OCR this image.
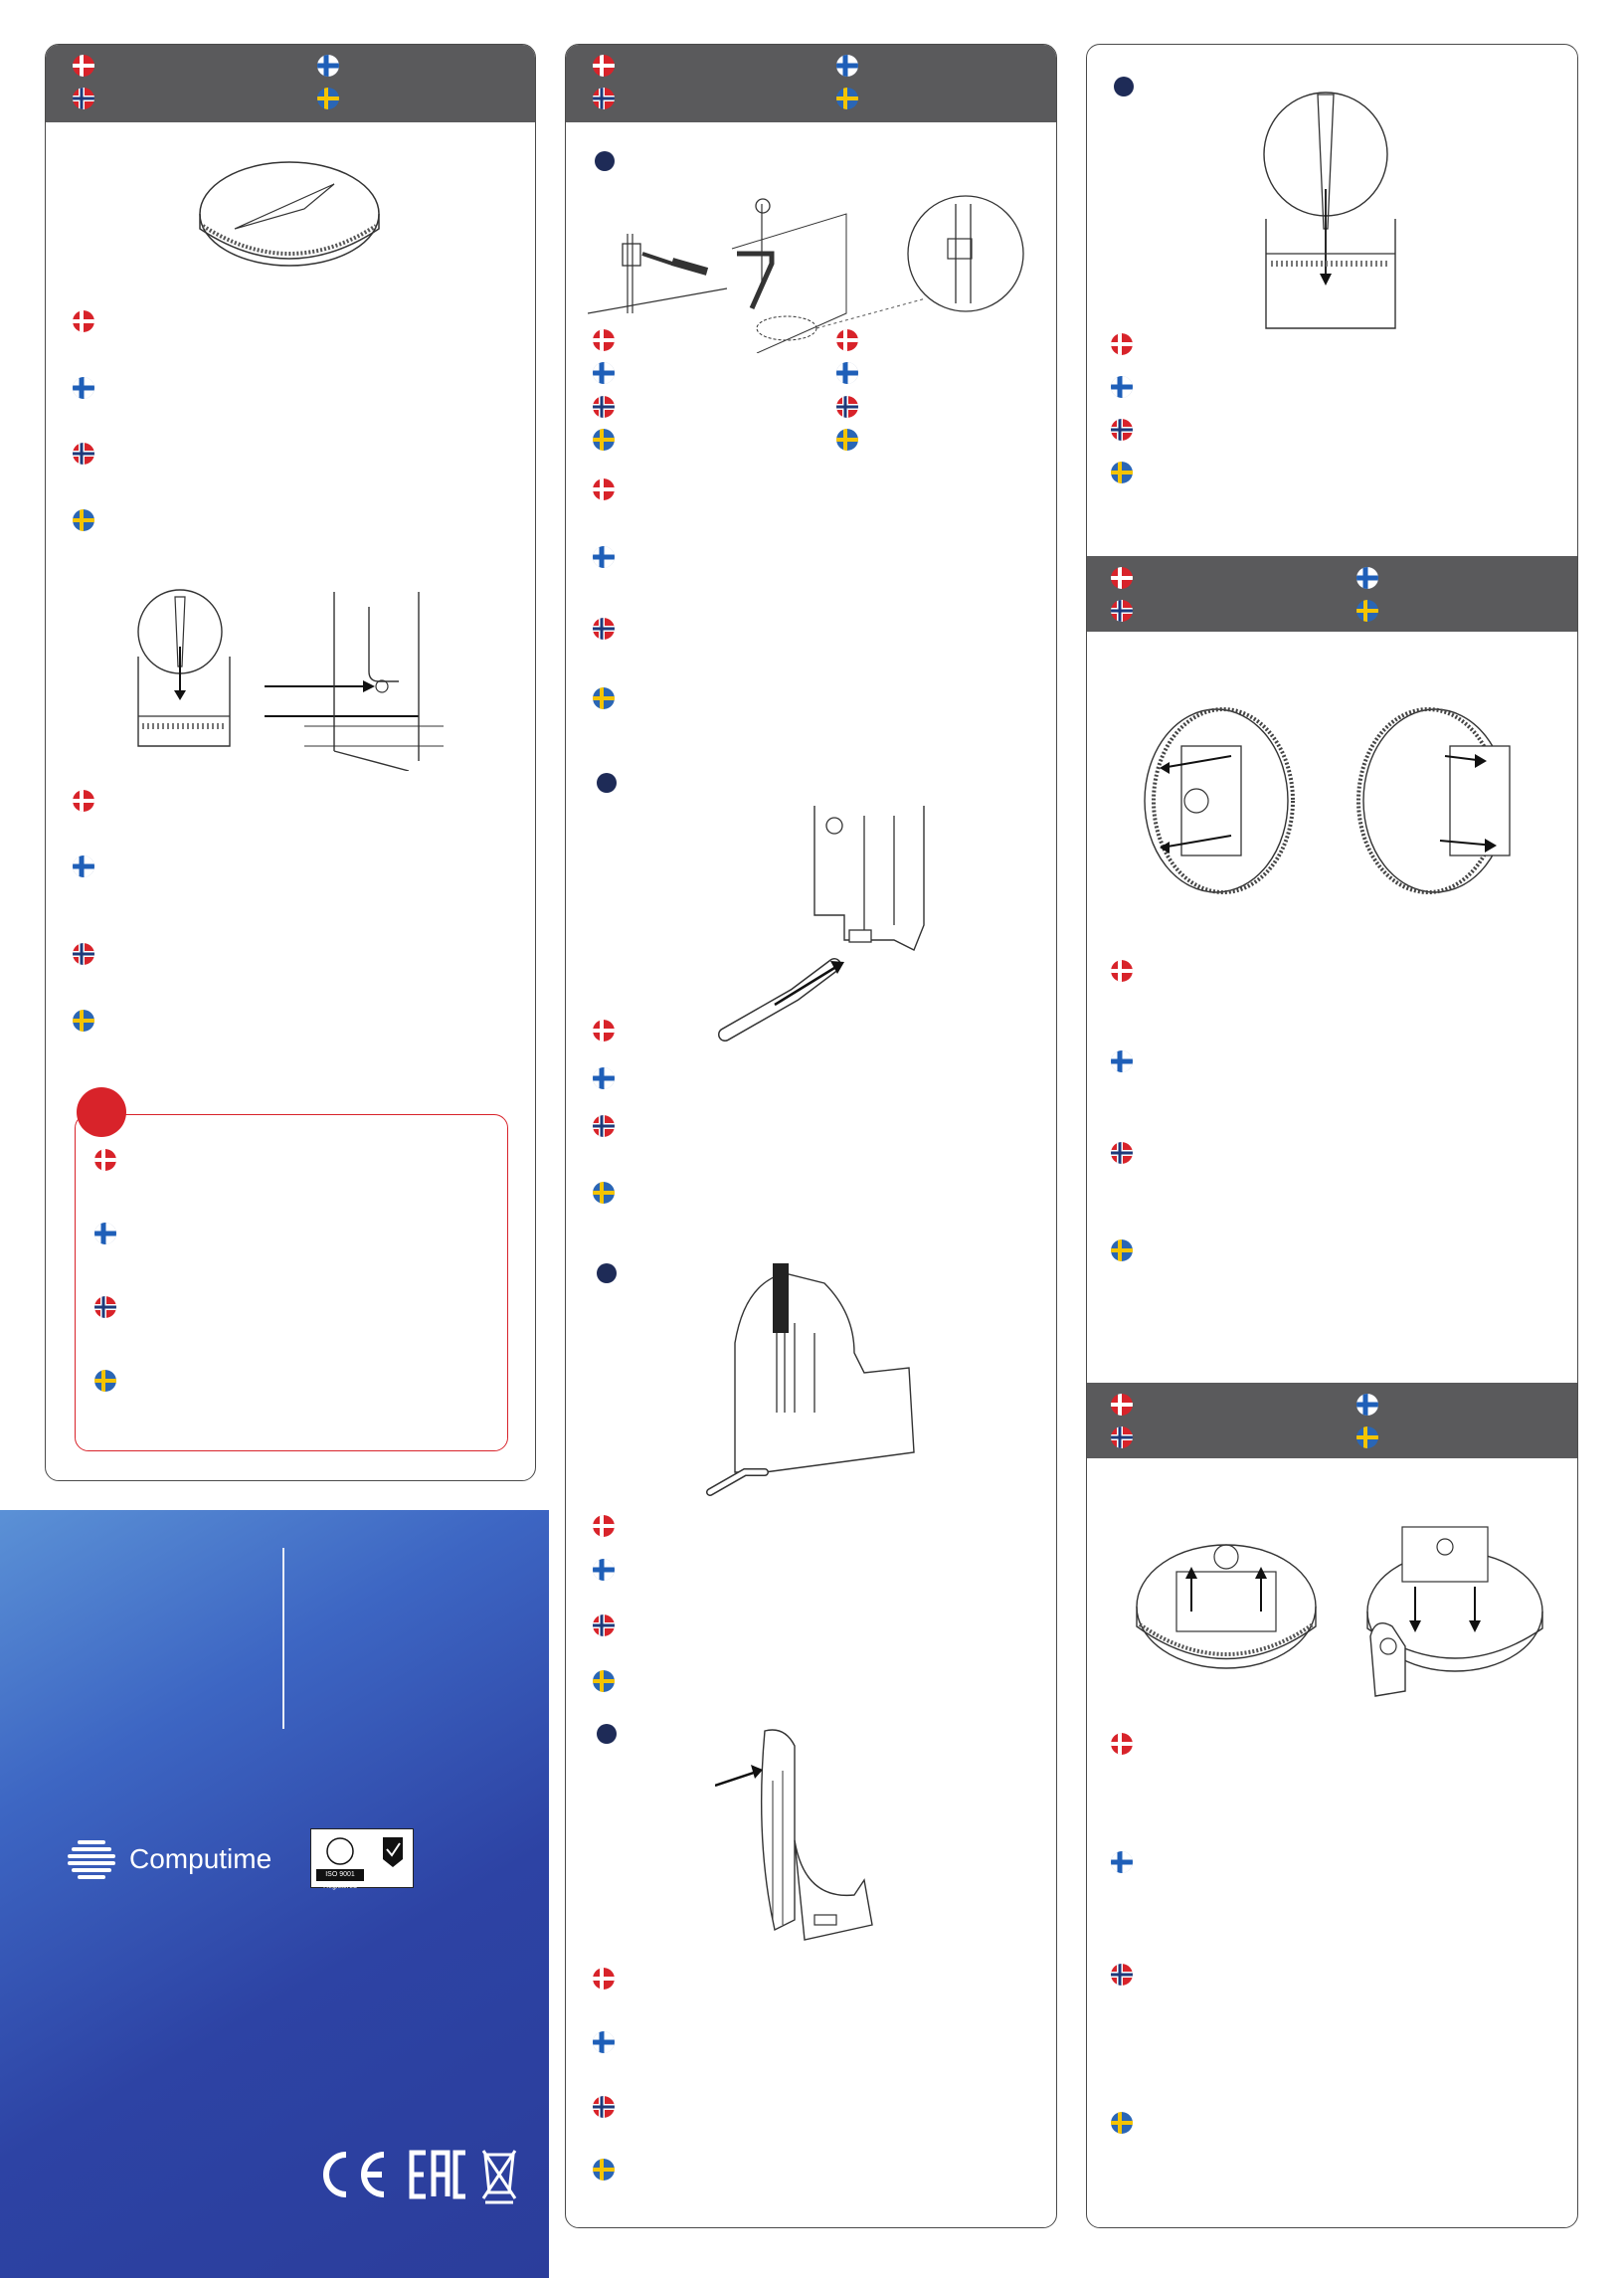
Computime
ISO 9001 Registered
